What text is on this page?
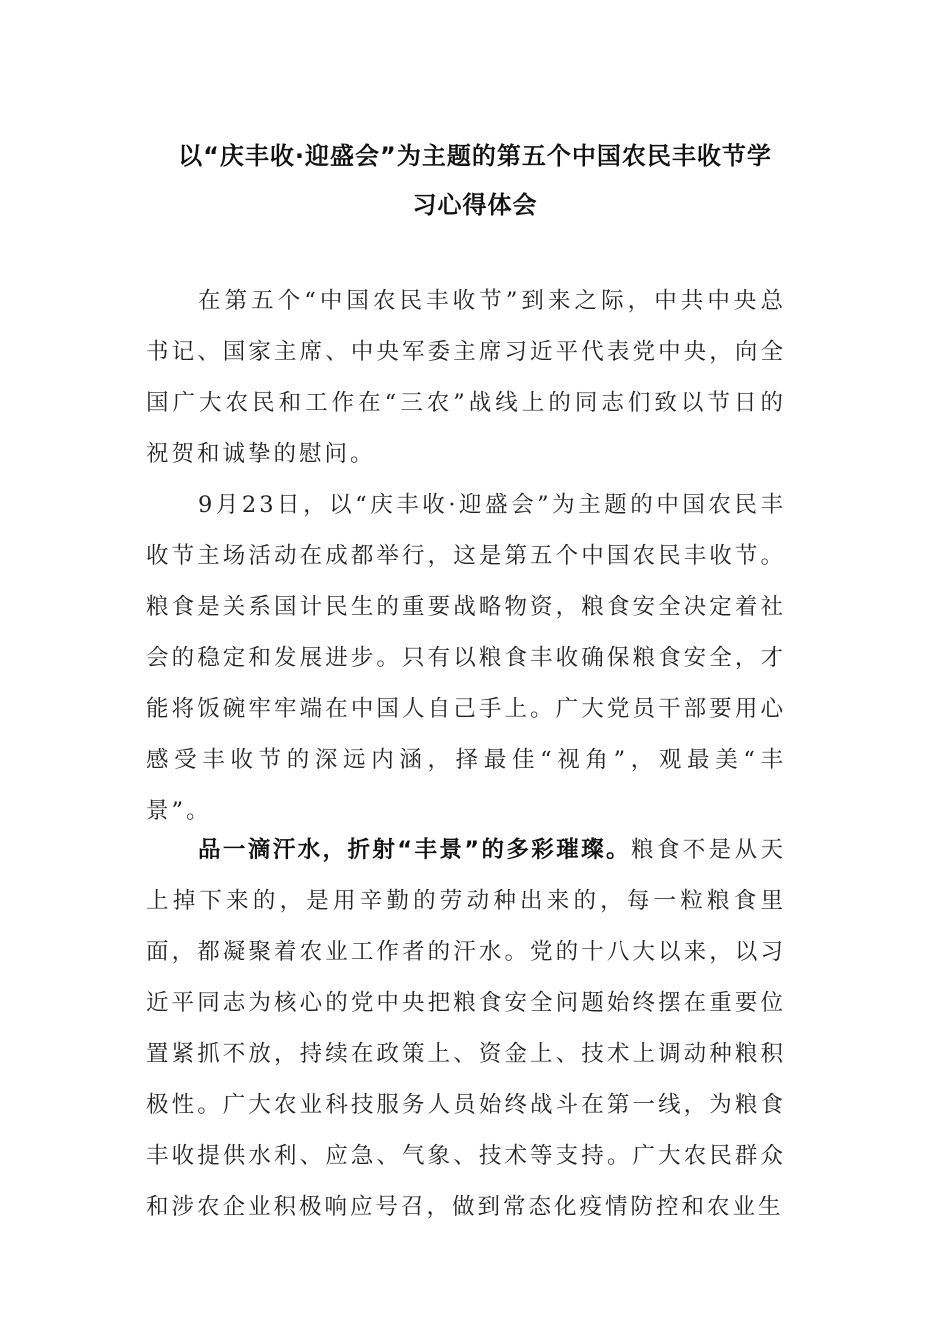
以“庆丰收·迎盛会”为主题的第五个中国农民丰收节学
习心得体会

在第五个“中国农民丰收节”到来之际，中共中央总书记、国家主席、中央军委主席习近平代表党中央，向全国广大农民和工作在“三农”战线上的同志们致以节日的祝贺和诚挚的慰问。

9月23日，以“庆丰收·迎盛会”为主题的中国农民丰收节主场活动在成都举行，这是第五个中国农民丰收节。粮食是关系国计民生的重要战略物资，粮食安全决定着社会的稳定和发展进步。只有以粮食丰收确保粮食安全，才能将饭碗牢牢端在中国人自己手上。广大党员干部要用心感受丰收节的深远内涵，择最佳“视角”，观最美“丰景”。

品一滴汗水，折射“丰景”的多彩璀璨。粮食不是从天上掉下来的，是用辛勤的劳动种出来的，每一粒粮食里面，都凝聚着农业工作者的汗水。党的十八大以来，以习近平同志为核心的党中央把粮食安全问题始终摆在重要位置紧抓不放，持续在政策上、资金上、技术上调动种粮积极性。广大农业科技服务人员始终战斗在第一线，为粮食丰收提供水利、应急、气象、技术等支持。广大农民群众和涉农企业积极响应号召，做到常态化疫情防控和农业生
